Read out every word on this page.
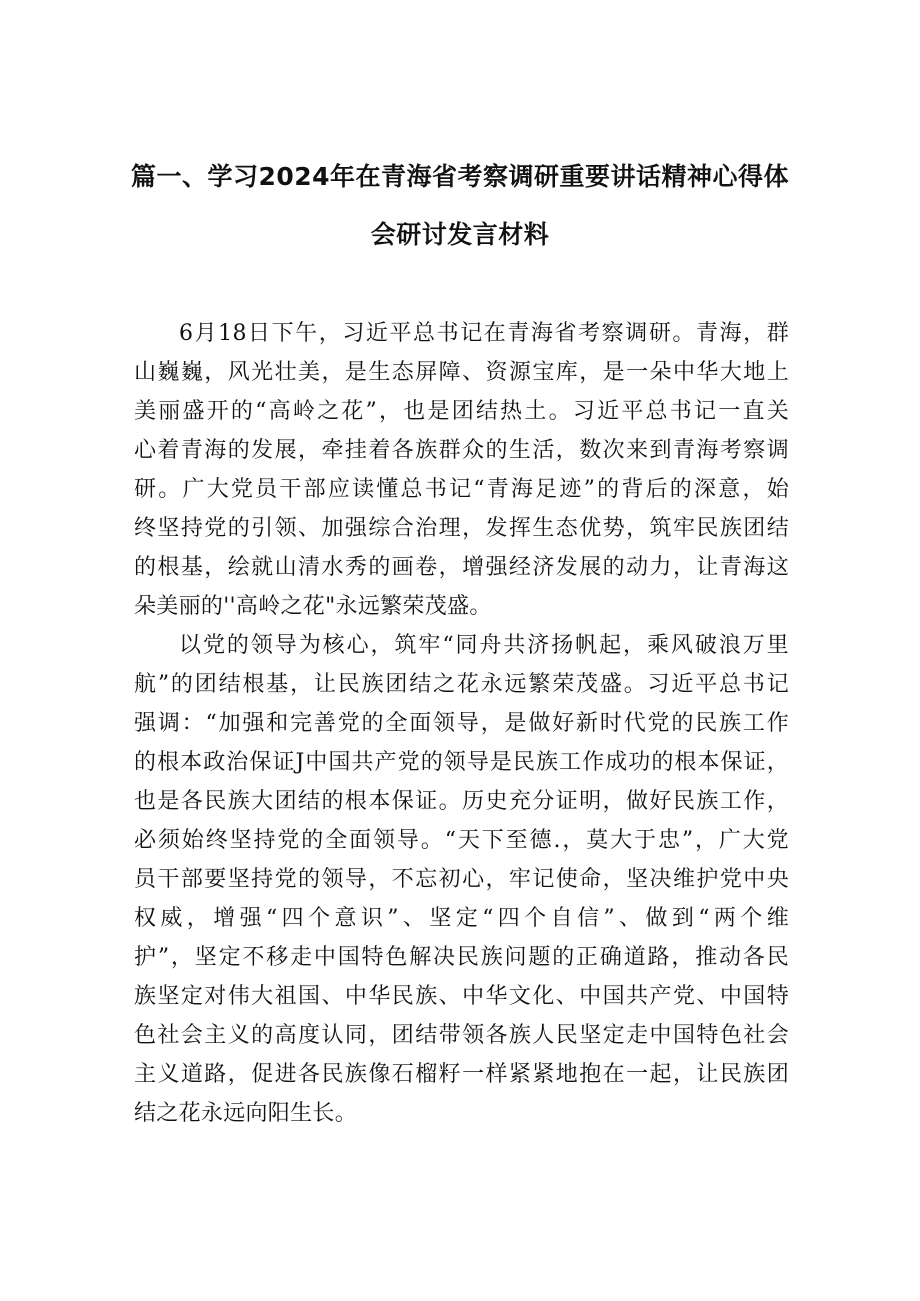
篇一、学习2024年在青海省考察调研重要讲话精神心得体
会研讨发言材料
6月18日下午，习近平总书记在青海省考察调研。青海，群
山巍巍，风光壮美，是生态屏障、资源宝库，是一朵中华大地上
美丽盛开的“高岭之花”，也是团结热土。习近平总书记一直关
心着青海的发展，牵挂着各族群众的生活，数次来到青海考察调
研。广大党员干部应读懂总书记“青海足迹”的背后的深意，始
终坚持党的引领、加强综合治理，发挥生态优势，筑牢民族团结
的根基，绘就山清水秀的画卷，增强经济发展的动力，让青海这
朵美丽的''高岭之花"永远繁荣茂盛。
以党的领导为核心，筑牢“同舟共济扬帆起，乘风破浪万里
航”的团结根基，让民族团结之花永远繁荣茂盛。习近平总书记
强调：“加强和完善党的全面领导，是做好新时代党的民族工作
的根本政治保证J中国共产党的领导是民族工作成功的根本保证，
也是各民族大团结的根本保证。历史充分证明，做好民族工作，
必须始终坚持党的全面领导。“天下至德.，莫大于忠”，广大党
员干部要坚持党的领导，不忘初心，牢记使命，坚决维护党中央
权威，增强“四个意识”、坚定“四个自信”、做到“两个维
护”，坚定不移走中国特色解决民族问题的正确道路，推动各民
族坚定对伟大祖国、中华民族、中华文化、中国共产党、中国特
色社会主义的高度认同，团结带领各族人民坚定走中国特色社会
主义道路，促进各民族像石榴籽一样紧紧地抱在一起，让民族团
结之花永远向阳生长。
